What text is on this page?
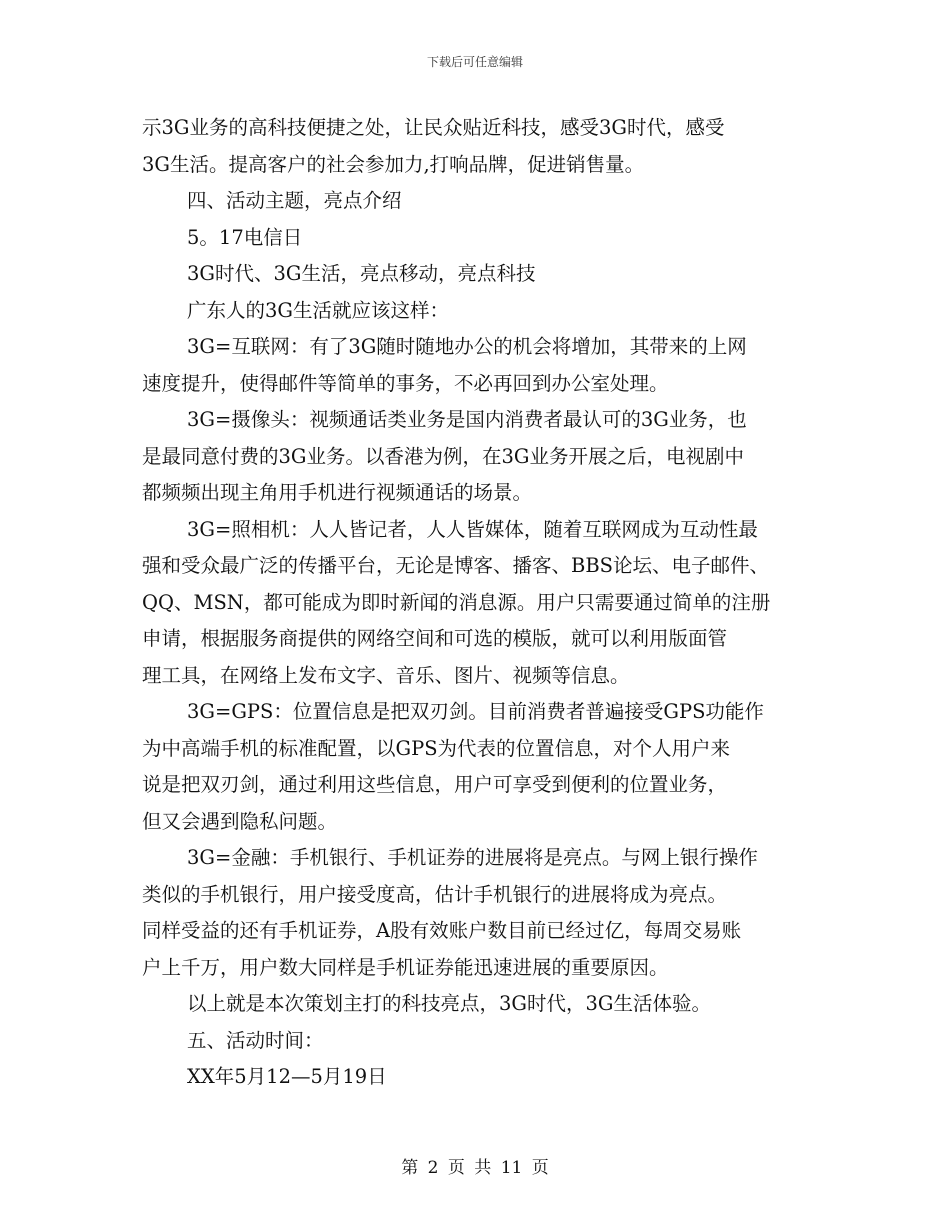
下载后可任意编辑
示3G业务的高科技便捷之处，让民众贴近科技，感受3G时代，感受
3G生活。提高客户的社会参加力,打响品牌，促进销售量。
四、活动主题，亮点介绍
5。17电信日
3G时代、3G生活，亮点移动，亮点科技
广东人的3G生活就应该这样：
3G=互联网：有了3G随时随地办公的机会将增加，其带来的上网
速度提升，使得邮件等简单的事务，不必再回到办公室处理。
3G=摄像头：视频通话类业务是国内消费者最认可的3G业务，也
是最同意付费的3G业务。以香港为例，在3G业务开展之后，电视剧中
都频频出现主角用手机进行视频通话的场景。
3G=照相机：人人皆记者，人人皆媒体，随着互联网成为互动性最
强和受众最广泛的传播平台，无论是博客、播客、BBS论坛、电子邮件、
QQ、MSN，都可能成为即时新闻的消息源。用户只需要通过简单的注册
申请，根据服务商提供的网络空间和可选的模版，就可以利用版面管
理工具，在网络上发布文字、音乐、图片、视频等信息。
3G=GPS：位置信息是把双刃剑。目前消费者普遍接受GPS功能作
为中高端手机的标准配置，以GPS为代表的位置信息，对个人用户来
说是把双刃剑，通过利用这些信息，用户可享受到便利的位置业务，
但又会遇到隐私问题。
3G=金融：手机银行、手机证券的进展将是亮点。与网上银行操作
类似的手机银行，用户接受度高，估计手机银行的进展将成为亮点。
同样受益的还有手机证券，A股有效账户数目前已经过亿，每周交易账
户上千万，用户数大同样是手机证券能迅速进展的重要原因。
以上就是本次策划主打的科技亮点，3G时代，3G生活体验。
五、活动时间：
XX年5月12—5月19日
第 2 页 共 11 页
